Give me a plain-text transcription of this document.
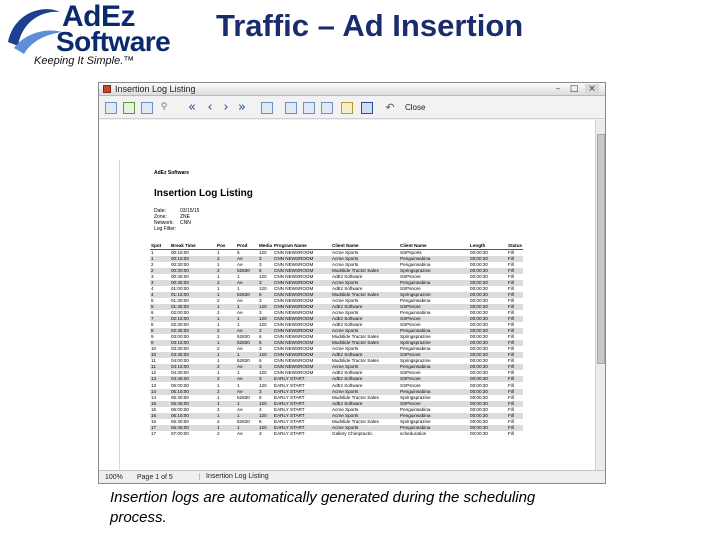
AdEz
Software
Keeping It Simple.™
Traffic – Ad Insertion
Insertion Log Listing	–	□	×
⚲ « ‹ › »	↶ Close
AdEz Software
Insertion Log Listing
Date:	03/15/15
Zone:	ZNE
Network: CNN
Log Filter:
Spot	Break Time	Pos	Prod	Media	Program Name	Client Name	Client Name	Length	Status
1	00:15:00	1	5	120	CNN NEWSROOM	Acme Sports	SSPsports	00:00:30	Fill
1	00:15:00	2	Ae	3	CNN NEWSROOM	Acme Sports	Penguinsabina	00:00:30	Fill
2	00:30:00	1	Ae	3	CNN NEWSROOM	Acme Sports	Penguinsabina	00:00:30	Fill
2	00:30:00	2	52830	6	CNN NEWSROOM	Mudslide Tractor Sales	Springsprazine	00:00:30	Fill
3	00:45:00	1	1	120	CNN NEWSROOM	AdEz Software	SSPsnore	00:00:30	Fill
3	00:45:00	2	Ae	3	CNN NEWSROOM	Acme Sports	Penguinsabina	00:00:30	Fill
4	01:00:00	1	1	120	CNN NEWSROOM	AdEz Software	SSPsnore	00:00:30	Fill
4	01:15:00	1	52830	6	CNN NEWSROOM	Mudslide Tractor Sales	Springsprazine	00:00:30	Fill
5	01:30:00	2	Ae	3	CNN NEWSROOM	Acme Sports	Penguinsabina	00:00:30	Fill
5	01:45:00	1	1	120	CNN NEWSROOM	AdEz Software	SSPsnore	00:00:30	Fill
6	02:00:00	2	Ae	3	CNN NEWSROOM	Acme Sports	Penguinsabina	00:00:30	Fill
7	02:15:00	1	1	120	CNN NEWSROOM	AdEz Software	SSPsnore	00:00:30	Fill
8	02:30:00	1	1	120	CNN NEWSROOM	AdEz Software	SSPsnore	00:00:30	Fill
8	02:45:00	2	Ae	3	CNN NEWSROOM	Acme Sports	Penguinsabina	00:00:30	Fill
9	03:00:00	2	52830	6	CNN NEWSROOM	Mudslide Tractor Sales	Springsprazine	00:00:30	Fill
9	03:15:00	1	52830	6	CNN NEWSROOM	Mudslide Tractor Sales	Springsprazine	00:00:30	Fill
10	03:30:00	2	Ae	3	CNN NEWSROOM	Acme Sports	Penguinsabina	00:00:30	Fill
10	03:45:00	1	1	120	CNN NEWSROOM	AdEz Software	SSPsnore	00:00:30	Fill
11	04:00:00	1	52830	6	CNN NEWSROOM	Mudslide Tractor Sales	Springsprazine	00:00:30	Fill
11	04:15:00	2	Ae	3	CNN NEWSROOM	Acme Sports	Penguinsabina	00:00:30	Fill
12	04:30:00	1	1	120	CNN NEWSROOM	AdEz Software	SSPsnore	00:00:30	Fill
13	04:45:00	2	Ae	3	EARLY START	AdEz Software	SSPsnore	00:00:30	Fill
13	05:00:00	1	1	120	EARLY START	AdEz Software	SSPsnore	00:00:30	Fill
14	05:15:00	2	Ae	3	EARLY START	Acme Sports	Penguinsabina	00:00:30	Fill
14	05:30:00	1	52830	6	EARLY START	Mudslide Tractor Sales	Springsprazine	00:00:30	Fill
15	05:45:00	1	1	120	EARLY START	AdEz Software	SSPsnore	00:00:30	Fill
15	06:00:00	2	Ae	3	EARLY START	Acme Sports	Penguinsabina	00:00:30	Fill
16	06:15:00	1	1	120	EARLY START	Acme Sports	Penguinsabina	00:00:30	Fill
16	06:30:00	2	52830	6	EARLY START	Mudslide Tractor Sales	Springsprazine	00:00:30	Fill
17	06:45:00	1	1	120	EARLY START	Acme Sports	Penguinsabina	00:00:30	Fill
17	07:00:00	2	Ae	3	EARLY START	Gallery Chiropractic	scheduration	00:00:30	Fill
100% Page 1 of 5	Insertion Log Listing
Insertion logs are automatically generated during the scheduling process.
